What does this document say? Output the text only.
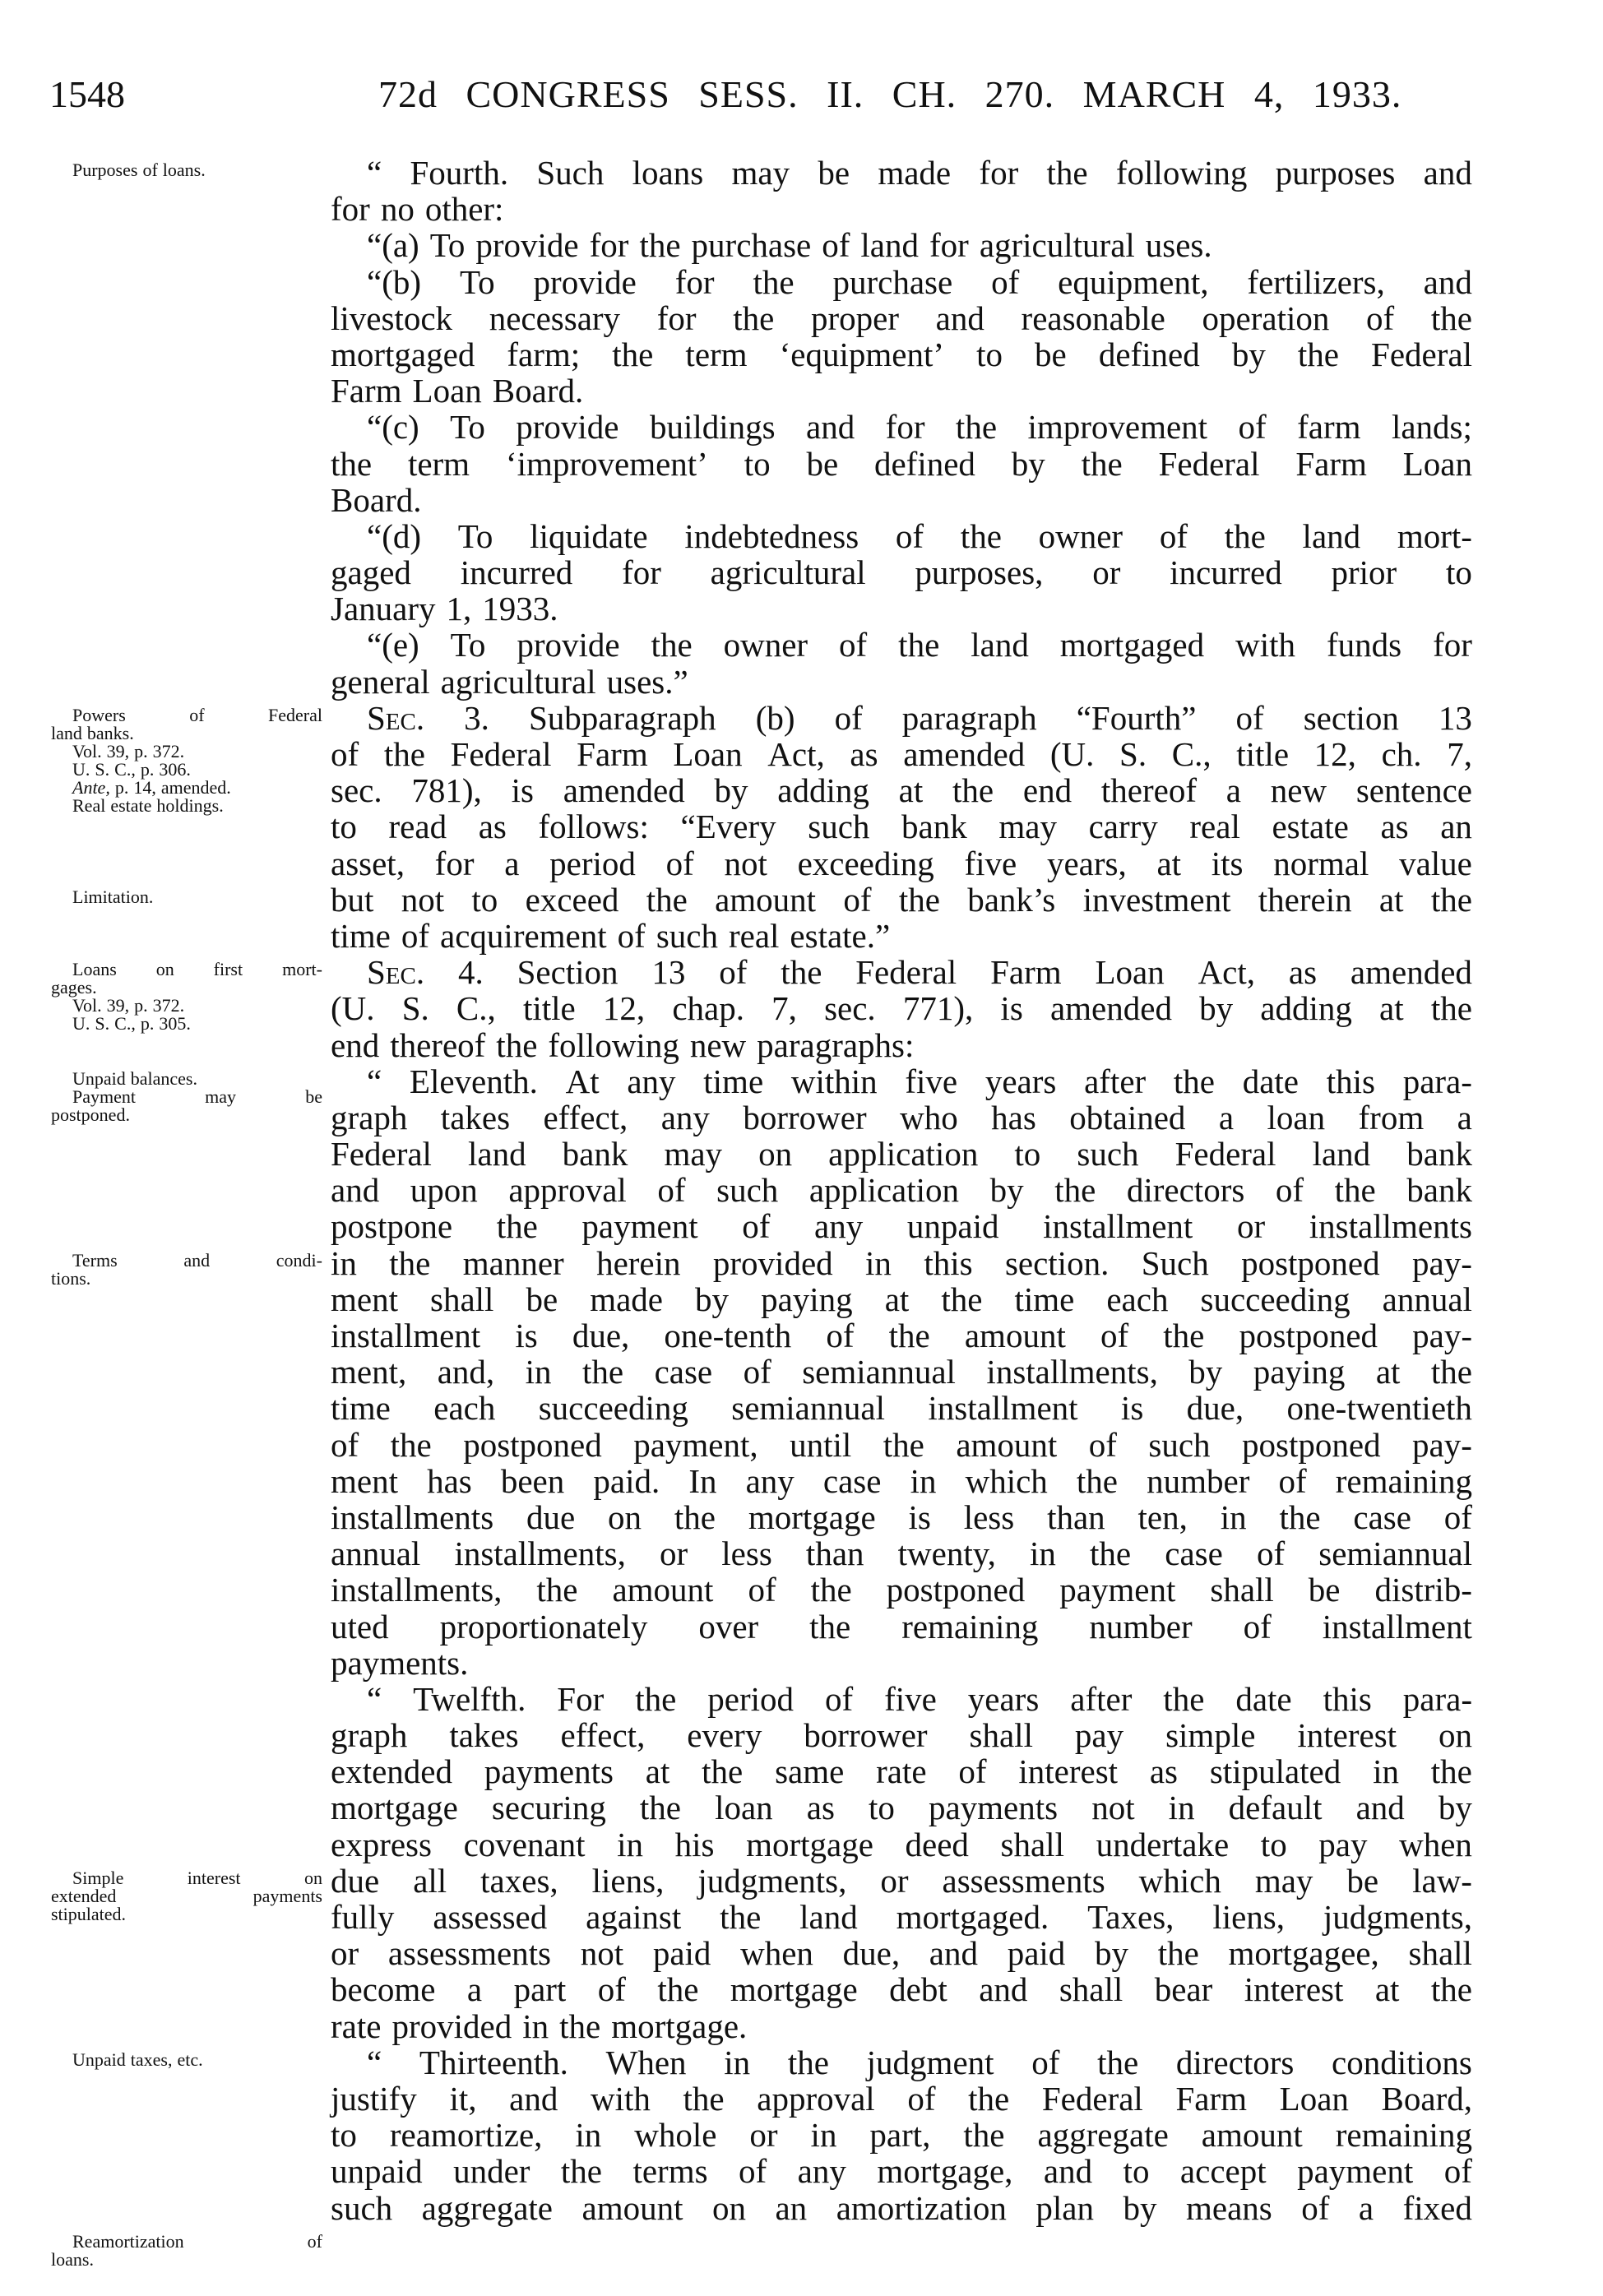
1548	72d CONGRESS SESS. II. CH. 270. MARCH 4, 1933.
Purposes of loans.
Powers	of	Federal
land banks.
Vol. 39, p. 372.
U. S. C., p. 306.
Ante, p. 14, amended.
Real estate holdings.
Limitation.
Loans on first mort-
gages.
Vol. 39, p. 372.
U. S. C., p. 305.
Unpaid balances.
Payment	may	be
postponed.
Terms	and	condi-
tions.
Simple	interest	on
extended	payments
stipulated.
Unpaid taxes, etc.
Reamortization	of
loans.
“ Fourth. Such loans may be made for the following purposes and
for no other:
“(a) To provide for the purchase of land for agricultural uses.
“(b) To provide for the purchase of equipment, fertilizers, and
livestock necessary for the proper and reasonable operation of the
mortgaged farm; the term ‘equipment’ to be defined by the Federal
Farm Loan Board.
“(c) To provide buildings and for the improvement of farm lands;
the term ‘improvement’ to be defined by the Federal Farm Loan
Board.
“(d) To liquidate indebtedness of the owner of the land mort-
gaged incurred for agricultural purposes, or incurred prior to
January 1, 1933.
“(e) To provide the owner of the land mortgaged with funds for
general agricultural uses.”
Sec. 3. Subparagraph (b) of paragraph “Fourth” of section 13
of the Federal Farm Loan Act, as amended (U. S. C., title 12, ch. 7,
sec. 781), is amended by adding at the end thereof a new sentence
to read as follows: “Every such bank may carry real estate as an
asset, for a period of not exceeding five years, at its normal value
but not to exceed the amount of the bank’s investment therein at the
time of acquirement of such real estate.”
Sec. 4. Section 13 of the Federal Farm Loan Act, as amended
(U. S. C., title 12, chap. 7, sec. 771), is amended by adding at the
end thereof the following new paragraphs:
“ Eleventh. At any time within five years after the date this para-
graph takes effect, any borrower who has obtained a loan from a
Federal land bank may on application to such Federal land bank
and upon approval of such application by the directors of the bank
postpone the payment of any unpaid installment or installments
in the manner herein provided in this section. Such postponed pay-
ment shall be made by paying at the time each succeeding annual
installment is due, one-tenth of the amount of the postponed pay-
ment, and, in the case of semiannual installments, by paying at the
time each succeeding semiannual installment is due, one-twentieth
of the postponed payment, until the amount of such postponed pay-
ment has been paid. In any case in which the number of remaining
installments due on the mortgage is less than ten, in the case of
annual installments, or less than twenty, in the case of semiannual
installments, the amount of the postponed payment shall be distrib-
uted proportionately over the remaining number of installment
payments.
“ Twelfth. For the period of five years after the date this para-
graph takes effect, every borrower shall pay simple interest on
extended payments at the same rate of interest as stipulated in the
mortgage securing the loan as to payments not in default and by
express covenant in his mortgage deed shall undertake to pay when
due all taxes, liens, judgments, or assessments which may be law-
fully assessed against the land mortgaged. Taxes, liens, judgments,
or assessments not paid when due, and paid by the mortgagee, shall
become a part of the mortgage debt and shall bear interest at the
rate provided in the mortgage.
“ Thirteenth. When in the judgment of the directors conditions
justify it, and with the approval of the Federal Farm Loan Board,
to reamortize, in whole or in part, the aggregate amount remaining
unpaid under the terms of any mortgage, and to accept payment of
such aggregate amount on an amortization plan by means of a fixed
